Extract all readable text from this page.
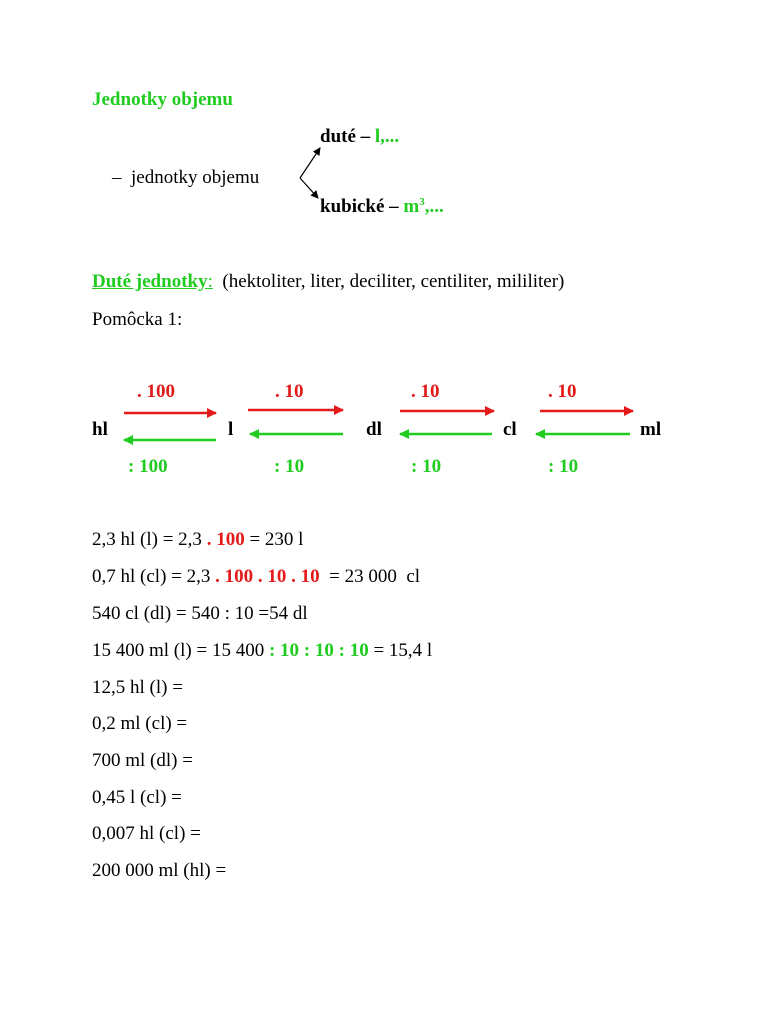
Jednotky objemu
duté – l,...
– jednotky objemu
kubické – $m^3$,...
Duté jednotky: (hektoliter, liter, deciliter, centiliter, mililiter)
Pomôcka 1:
. 100	. 10	. 10	. 10
hl	l	dl	cl	ml
: 100	: 10	: 10	: 10
2,3 hl (l) = 2,3 . 100 = 230 l
0,7 hl (cl) = 2,3 . 100 . 10 . 10  = 23 000  cl
540 cl (dl) = 540 : 10 =54 dl
15 400 ml (l) = 15 400 : 10 : 10 : 10 = 15,4 l
12,5 hl (l) =
0,2 ml (cl) =
700 ml (dl) =
0,45 l (cl) =
0,007 hl (cl) =
200 000 ml (hl) =
